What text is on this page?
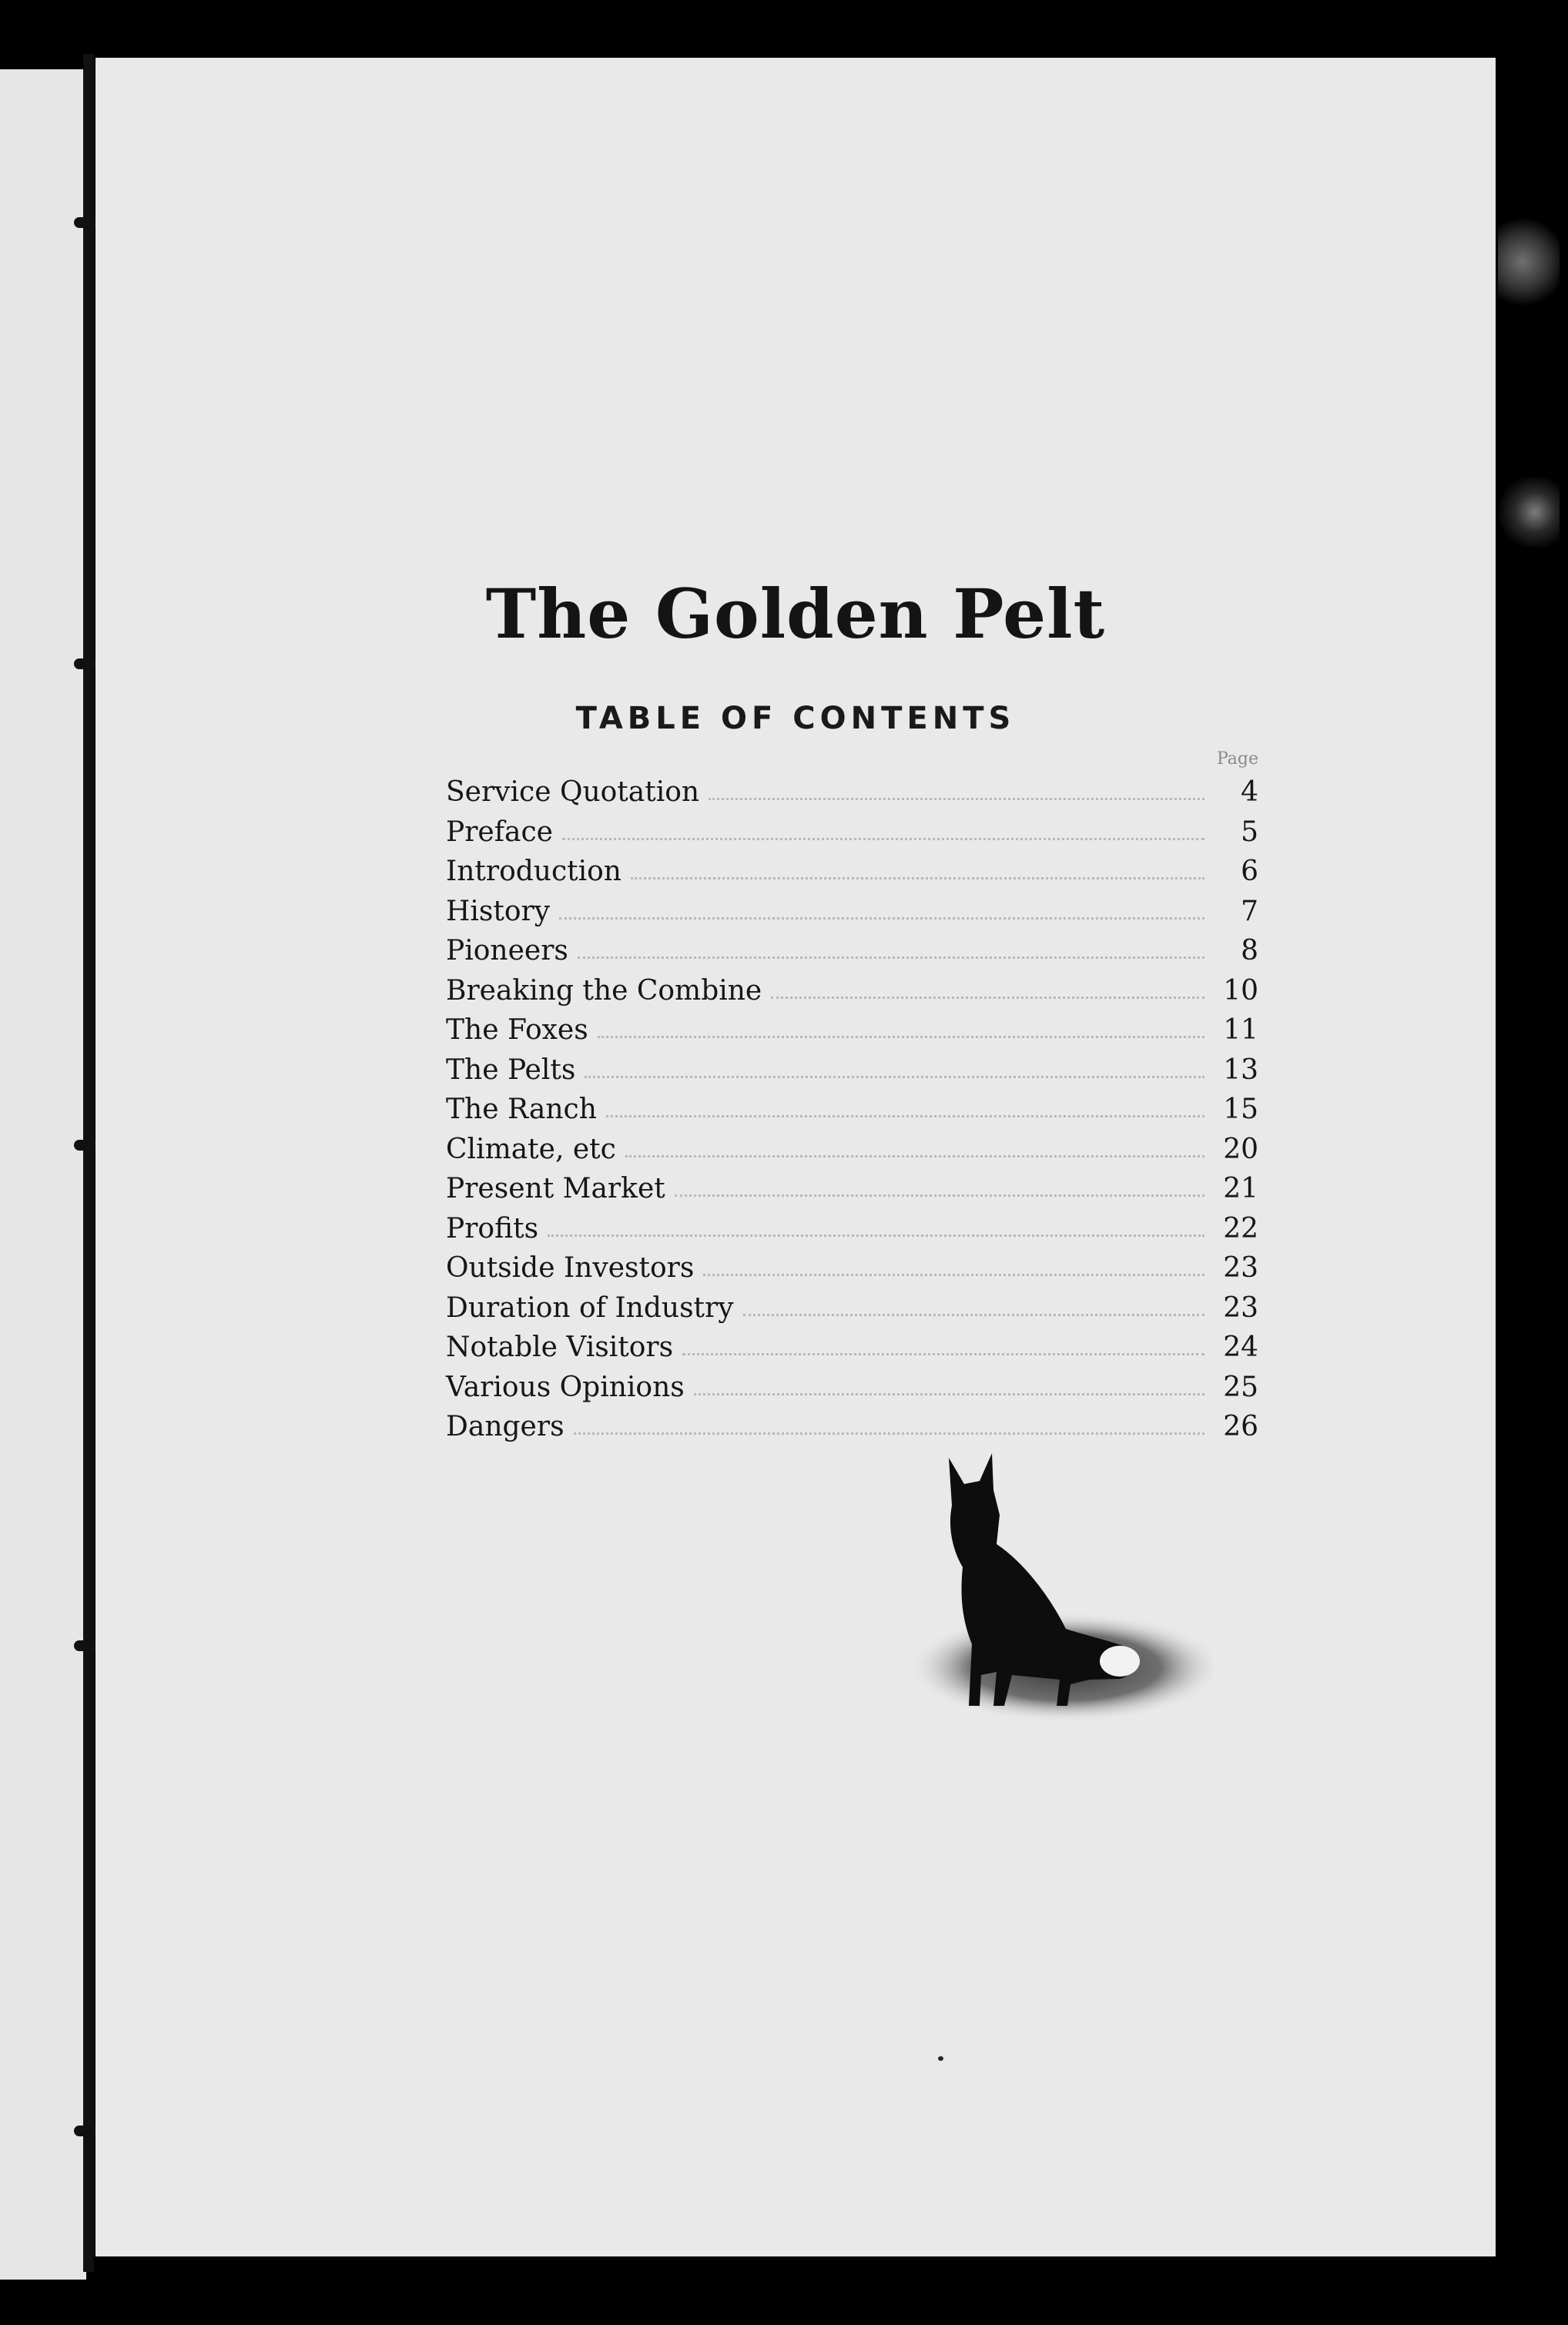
The Golden Pelt
TABLE OF CONTENTS
Page
Service Quotation	4
Preface	5
Introduction	6
History	7
Pioneers	8
Breaking the Combine	10
The Foxes	11
The Pelts	13
The Ranch	15
Climate, etc	20
Present Market	21
Profits	22
Outside Investors	23
Duration of Industry	23
Notable Visitors	24
Various Opinions	25
Dangers	26
